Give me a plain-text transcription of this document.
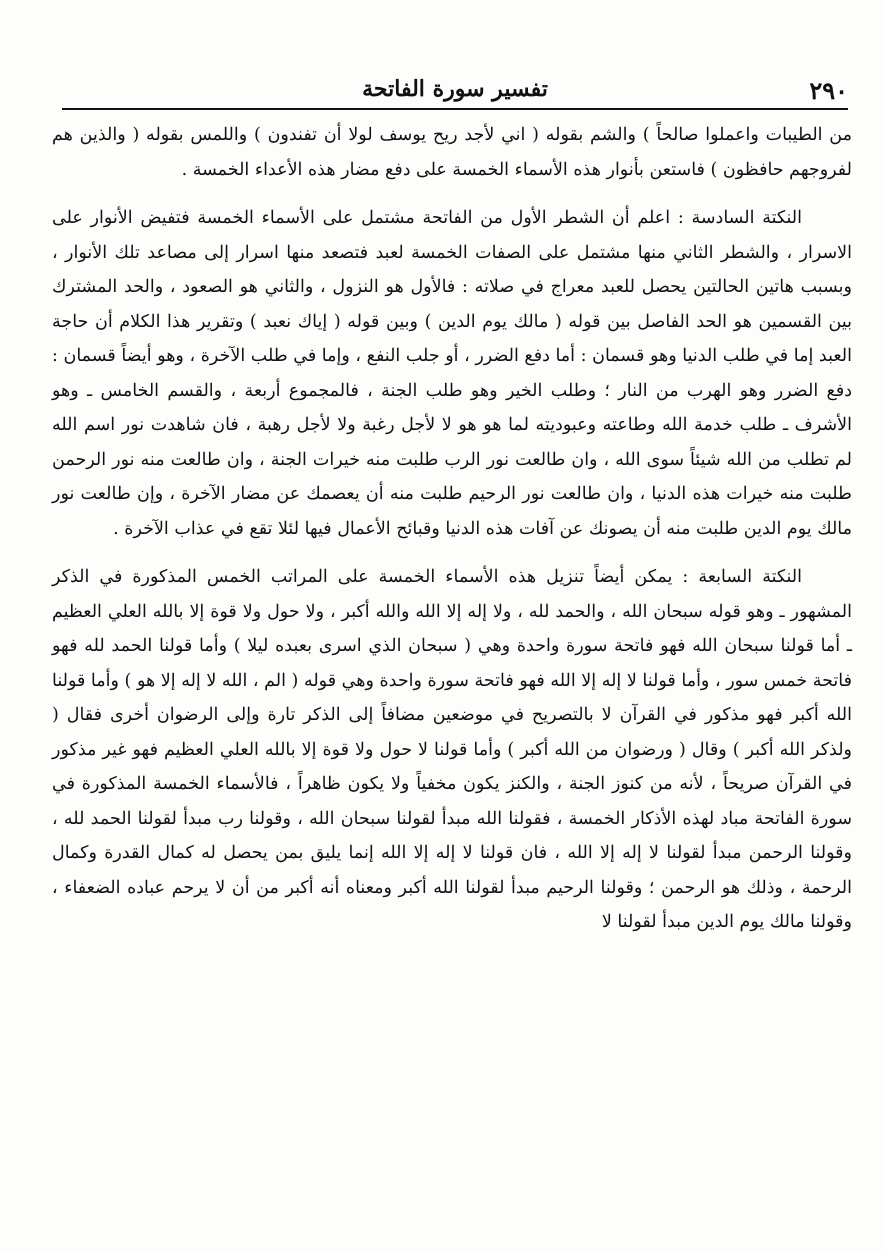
٢٩٠
تفسير سورة الفاتحة

من الطيبات واعملوا صالحاً ) والشم بقوله ( اني لأجد ريح يوسف لولا أن تفندون ) واللمس بقوله ( والذين هم لفروجهم حافظون ) فاستعن بأنوار هذه الأسماء الخمسة على دفع مضار هذه الأعداء الخمسة .

النكتة السادسة : اعلم أن الشطر الأول من الفاتحة مشتمل على الأسماء الخمسة فتفيض الأنوار على الاسرار ، والشطر الثاني منها مشتمل على الصفات الخمسة لعبد فتصعد منها اسرار إلى مصاعد تلك الأنوار ، وبسبب هاتين الحالتين يحصل للعبد معراج في صلاته : فالأول هو النزول ، والثاني هو الصعود ، والحد المشترك بين القسمين هو الحد الفاصل بين قوله ( مالك يوم الدين ) وبين قوله ( إياك نعبد ) وتقرير هذا الكلام أن حاجة العبد إما في طلب الدنيا وهو قسمان : أما دفع الضرر ، أو جلب النفع ، وإما في طلب الآخرة ، وهو أيضاً قسمان : دفع الضرر وهو الهرب من النار ؛ وطلب الخير وهو طلب الجنة ، فالمجموع أربعة ، والقسم الخامس ـ وهو الأشرف ـ طلب خدمة الله وطاعته وعبوديته لما هو هو لا لأجل رغبة ولا لأجل رهبة ، فان شاهدت نور اسم الله لم تطلب من الله شيئاً سوى الله ، وان طالعت نور الرب طلبت منه خيرات الجنة ، وان طالعت منه نور الرحمن طلبت منه خيرات هذه الدنيا ، وان طالعت نور الرحيم طلبت منه أن يعصمك عن مضار الآخرة ، وإن طالعت نور مالك يوم الدين طلبت منه أن يصونك عن آفات هذه الدنيا وقبائح الأعمال فيها لئلا تقع في عذاب الآخرة .

النكتة السابعة : يمكن أيضاً تنزيل هذه الأسماء الخمسة على المراتب الخمس المذكورة في الذكر المشهور ـ وهو قوله سبحان الله ، والحمد لله ، ولا إله إلا الله والله أكبر ، ولا حول ولا قوة إلا بالله العلي العظيم ـ أما قولنا سبحان الله فهو فاتحة سورة واحدة وهي ( سبحان الذي اسرى بعبده ليلا ) وأما قولنا الحمد لله فهو فاتحة خمس سور ، وأما قولنا لا إله إلا الله فهو فاتحة سورة واحدة وهي قوله ( الم ، الله لا إله إلا هو ) وأما قولنا الله أكبر فهو مذكور في القرآن لا بالتصريح في موضعين مضافاً إلى الذكر تارة وإلى الرضوان أخرى فقال ( ولذكر الله أكبر ) وقال ( ورضوان من الله أكبر ) وأما قولنا لا حول ولا قوة إلا بالله العلي العظيم فهو غير مذكور في القرآن صريحاً ، لأنه من كنوز الجنة ، والكنز يكون مخفياً ولا يكون ظاهراً ، فالأسماء الخمسة المذكورة في سورة الفاتحة مباد لهذه الأذكار الخمسة ، فقولنا الله مبدأ لقولنا سبحان الله ، وقولنا رب مبدأ لقولنا الحمد لله ، وقولنا الرحمن مبدأ لقولنا لا إله إلا الله ، فان قولنا لا إله إلا الله إنما يليق بمن يحصل له كمال القدرة وكمال الرحمة ، وذلك هو الرحمن ؛ وقولنا الرحيم مبدأ لقولنا الله أكبر ومعناه أنه أكبر من أن لا يرحم عباده الضعفاء ، وقولنا مالك يوم الدين مبدأ لقولنا لا
